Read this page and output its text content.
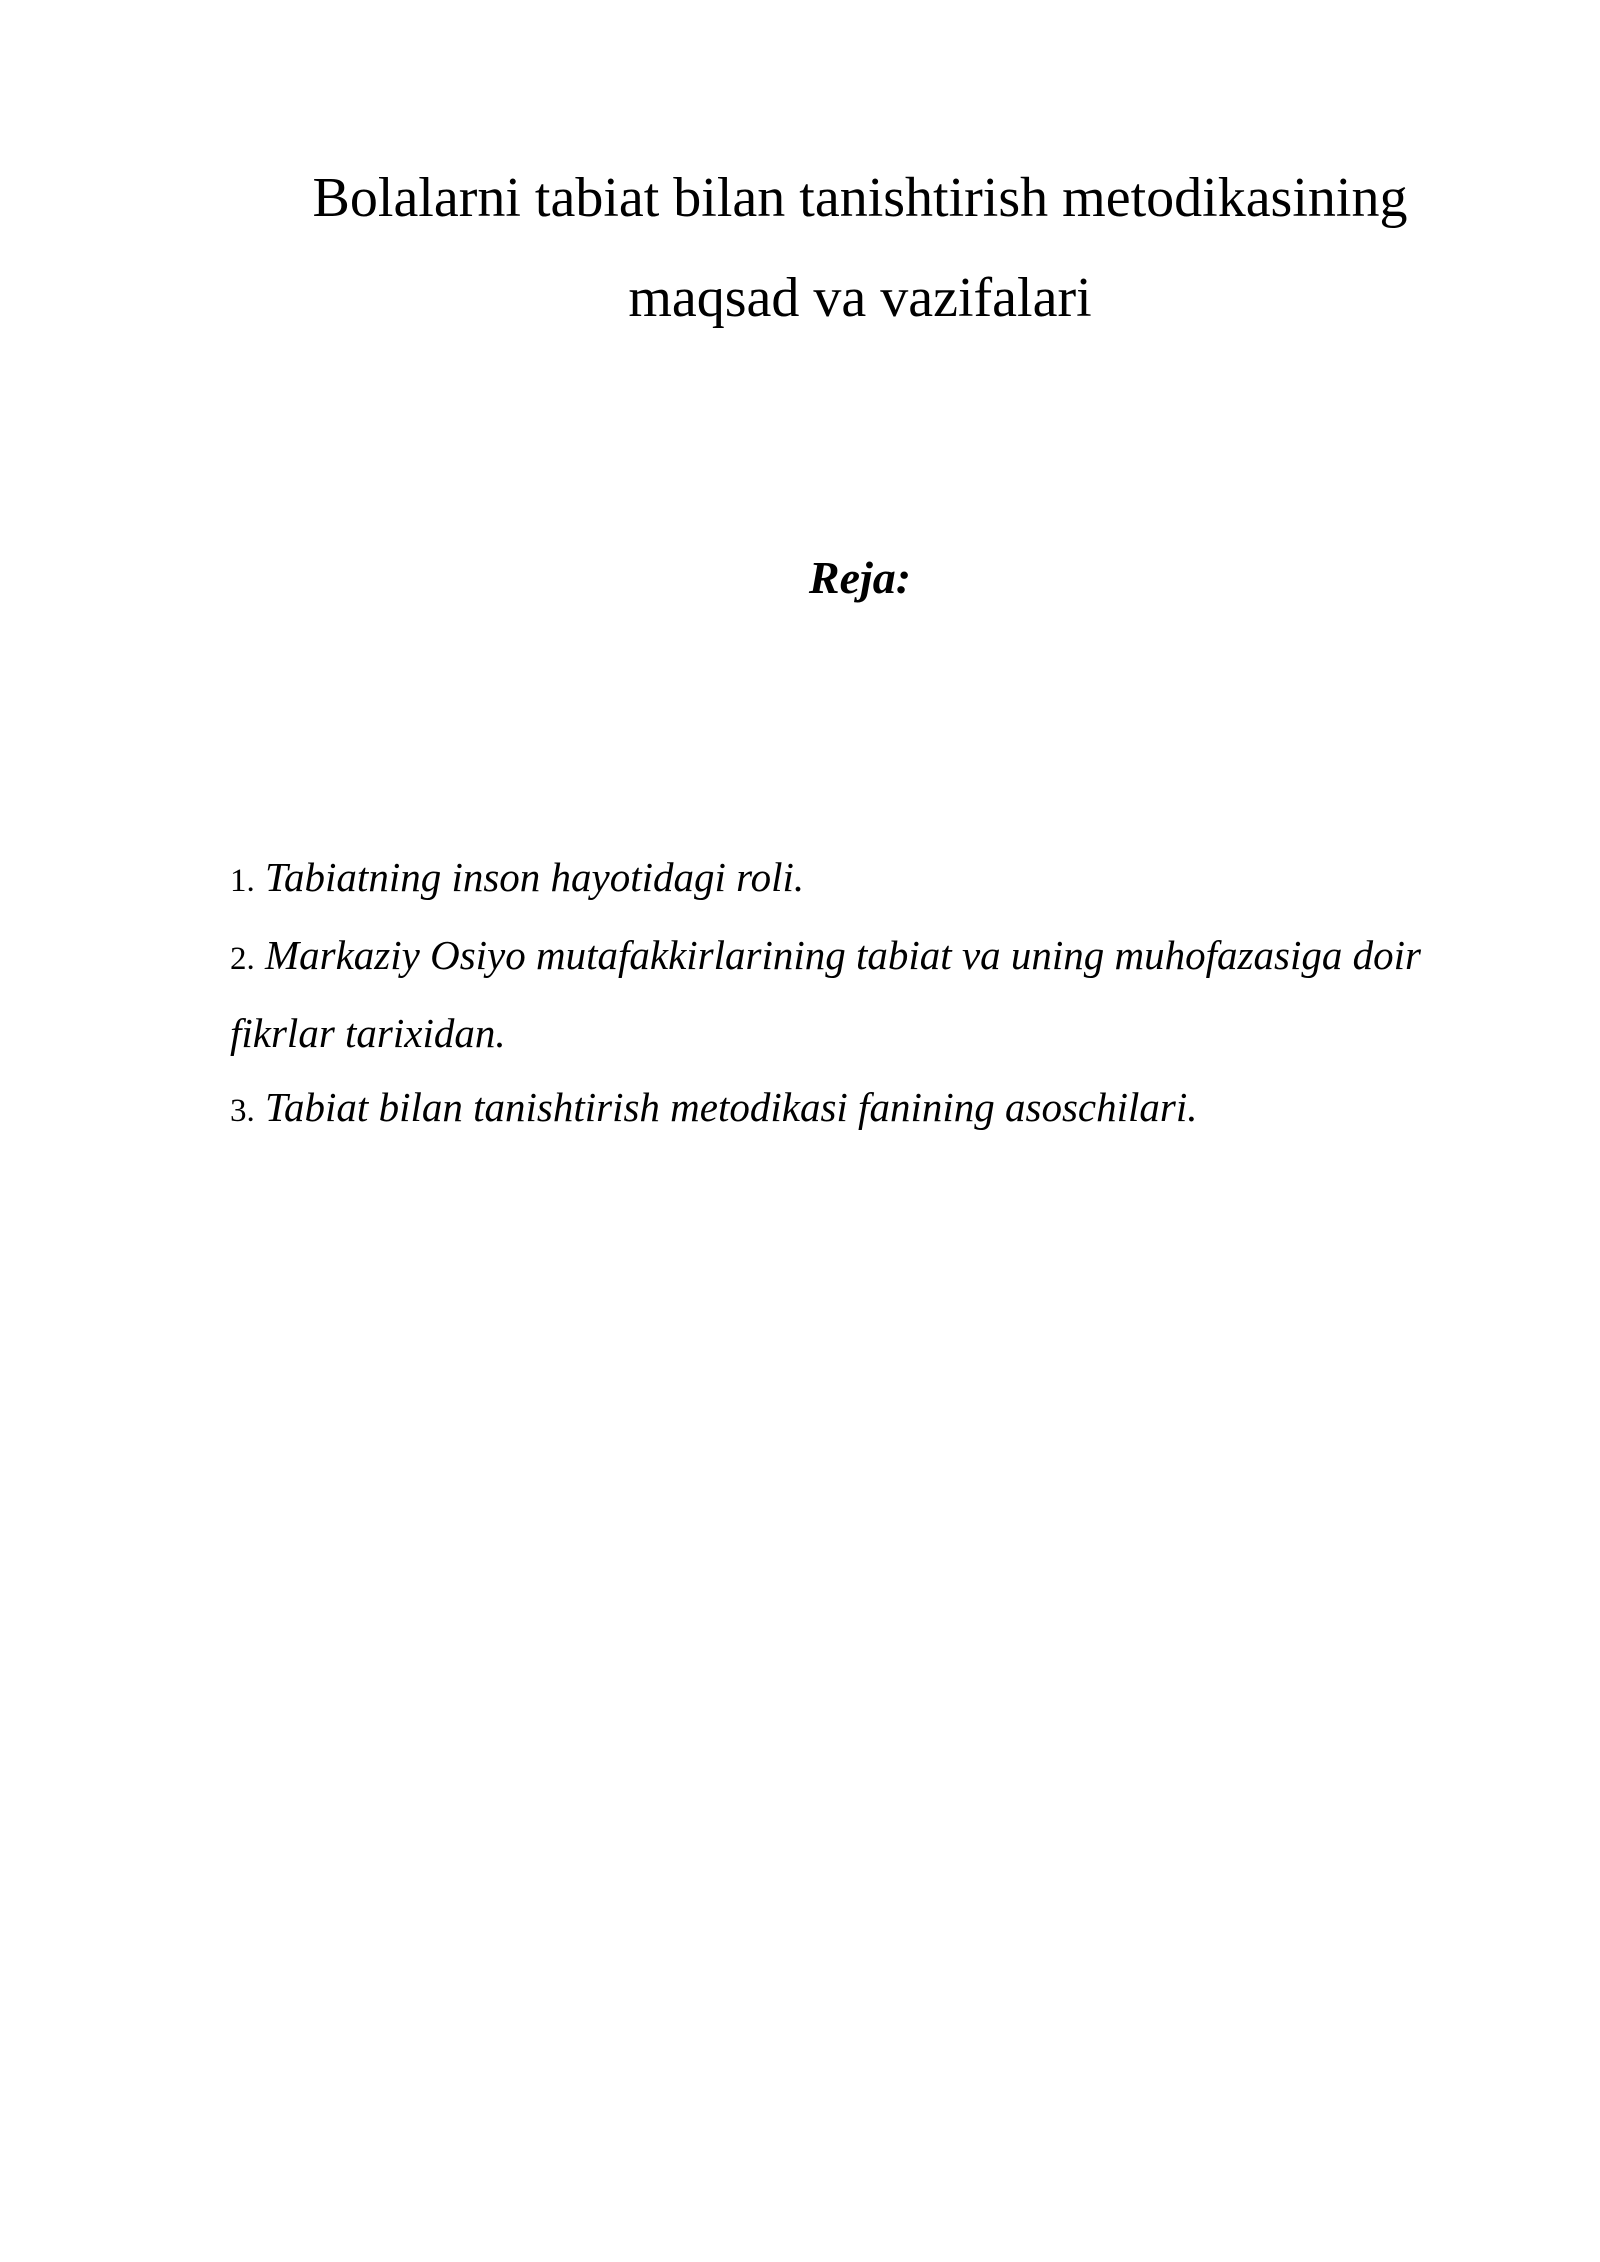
Bolalarni tabiat bilan tanishtirish metodikasining
maqsad va vazifalari
Reja:
1. Tabiatning inson hayotidagi roli.
2. Markaziy Osiyo mutafakkirlarining tabiat va uning muhofazasiga doir fikrlar tarixidan.
3. Tabiat bilan tanishtirish metodikasi fanining asoschilari.
